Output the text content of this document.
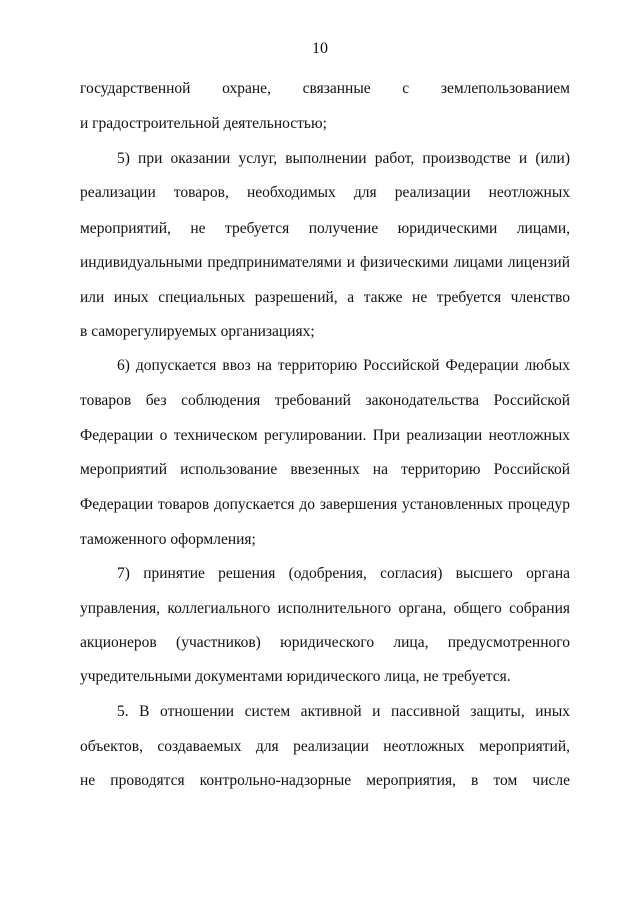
10
государственной охране, связанные с землепользованием
и градостроительной деятельностью;
5) при оказании услуг, выполнении работ, производстве и (или)
реализации товаров, необходимых для реализации неотложных
мероприятий, не требуется получение юридическими лицами,
индивидуальными предпринимателями и физическими лицами лицензий
или иных специальных разрешений, а также не требуется членство
в саморегулируемых организациях;
6) допускается ввоз на территорию Российской Федерации любых
товаров без соблюдения требований законодательства Российской
Федерации о техническом регулировании. При реализации неотложных
мероприятий использование ввезенных на территорию Российской
Федерации товаров допускается до завершения установленных процедур
таможенного оформления;
7) принятие решения (одобрения, согласия) высшего органа
управления, коллегиального исполнительного органа, общего собрания
акционеров (участников) юридического лица, предусмотренного
учредительными документами юридического лица, не требуется.
5. В отношении систем активной и пассивной защиты, иных
объектов, создаваемых для реализации неотложных мероприятий,
не проводятся контрольно-надзорные мероприятия, в том числе
